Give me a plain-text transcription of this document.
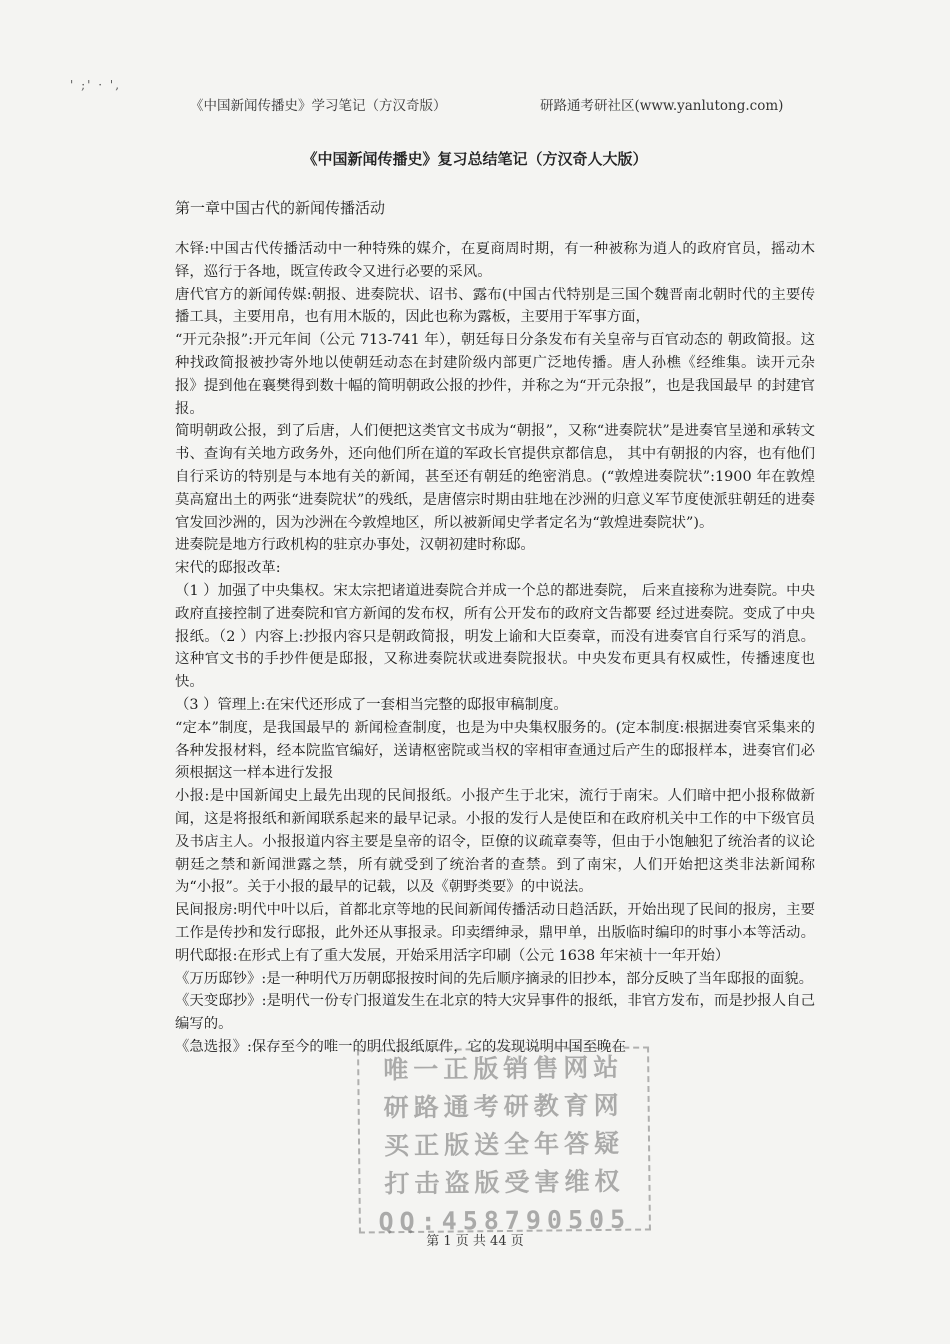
' ;' · ',
《中国新闻传播史》学习笔记（方汉奇版）	研路通考研社区(www.yanlutong.com)
《中国新闻传播史》复习总结笔记（方汉奇人大版）
第一章中国古代的新闻传播活动

木铎:中国古代传播活动中一种特殊的媒介，在夏商周时期，有一种被称为逍人的政府官员，摇动木铎，巡行于各地，既宣传政令又进行必要的采风。

唐代官方的新闻传媒:朝报、进奏院状、诏书、露布(中国古代特别是三国个魏晋南北朝时代的主要传播工具，主要用帛，也有用木版的，因此也称为露板，主要用于军事方面，

“开元杂报”:开元年间（公元 713-741 年），朝廷每日分条发布有关皇帝与百官动态的 朝政简报。这种找政简报被抄寄外地以使朝廷动态在封建阶级内部更广泛地传播。唐人孙樵《经维集。读开元杂报》提到他在襄樊得到数十幅的简明朝政公报的抄件，并称之为“开元杂报”，也是我国最早 的封建官报。

简明朝政公报，到了后唐，人们便把这类官文书成为“朝报”，又称“进奏院状”是进奏官呈递和承转文书、查询有关地方政务外，还向他们所在道的军政长官提供京都信息， 其中有朝报的内容，也有他们自行采访的特别是与本地有关的新闻，甚至还有朝廷的绝密消息。(“敦煌进奏院状”:1900 年在敦煌莫高窟出土的两张“进奏院状”的残纸，是唐僖宗时期由驻地在沙洲的归意义军节度使派驻朝廷的进奏官发回沙洲的，因为沙洲在今敦煌地区，所以被新闻史学者定名为“敦煌进奏院状”)。

进奏院是地方行政机构的驻京办事处，汉朝初建时称邸。

宋代的邸报改革:

（1 ）加强了中央集权。宋太宗把诸道进奏院合并成一个总的都进奏院， 后来直接称为进奏院。中央政府直接控制了进奏院和官方新闻的发布权，所有公开发布的政府文告都要 经过进奏院。变成了中央报纸。（2 ）内容上:抄报内容只是朝政简报，明发上谕和大臣奏章，而没有进奏官自行采写的消息。 这种官文书的手抄件便是邸报，又称进奏院状或进奏院报状。中央发布更具有权威性，传播速度也快。

（3 ）管理上:在宋代还形成了一套相当完整的邸报审稿制度。

“定本”制度，是我国最早的 新闻检查制度，也是为中央集权服务的。(定本制度:根据进奏官采集来的各种发报材料，经本院监官编好，送请枢密院或当权的宰相审查通过后产生的邸报样本，进奏官们必须根据这一样本进行发报

小报:是中国新闻史上最先出现的民间报纸。小报产生于北宋，流行于南宋。人们暗中把小报称做新闻，这是将报纸和新闻联系起来的最早记录。小报的发行人是使臣和在政府机关中工作的中下级官员及书店主人。小报报道内容主要是皇帝的诏令，臣僚的议疏章奏等，但由于小饱触犯了统治者的议论朝廷之禁和新闻泄露之禁，所有就受到了统治者的查禁。到了南宋，人们开始把这类非法新闻称 为“小报”。关于小报的最早的记载，以及《朝野类要》的中说法。

民间报房:明代中叶以后，首都北京等地的民间新闻传播活动日趋活跃，开始出现了民间的报房，主要工作是传抄和发行邸报，此外还从事报录。印卖缙绅录，鼎甲单，出版临时编印的时事小本等活动。明代邸报:在形式上有了重大发展，开始采用活字印刷（公元 1638 年宋祯十一年开始）

《万历邸钞》:是一种明代万历朝邸报按时间的先后顺序摘录的旧抄本，部分反映了当年邸报的面貌。

《天变邸抄》:是明代一份专门报道发生在北京的特大灾异事件的报纸，非官方发布，而是抄报人自己编写的。

《急选报》:保存至今的唯一的明代报纸原件，它的发现说明中国至晚在

唯一正版销售网站
研路通考研教育网
买正版送全年答疑
打击盗版受害维权
QQ:458790505
第 1 页 共 44 页
